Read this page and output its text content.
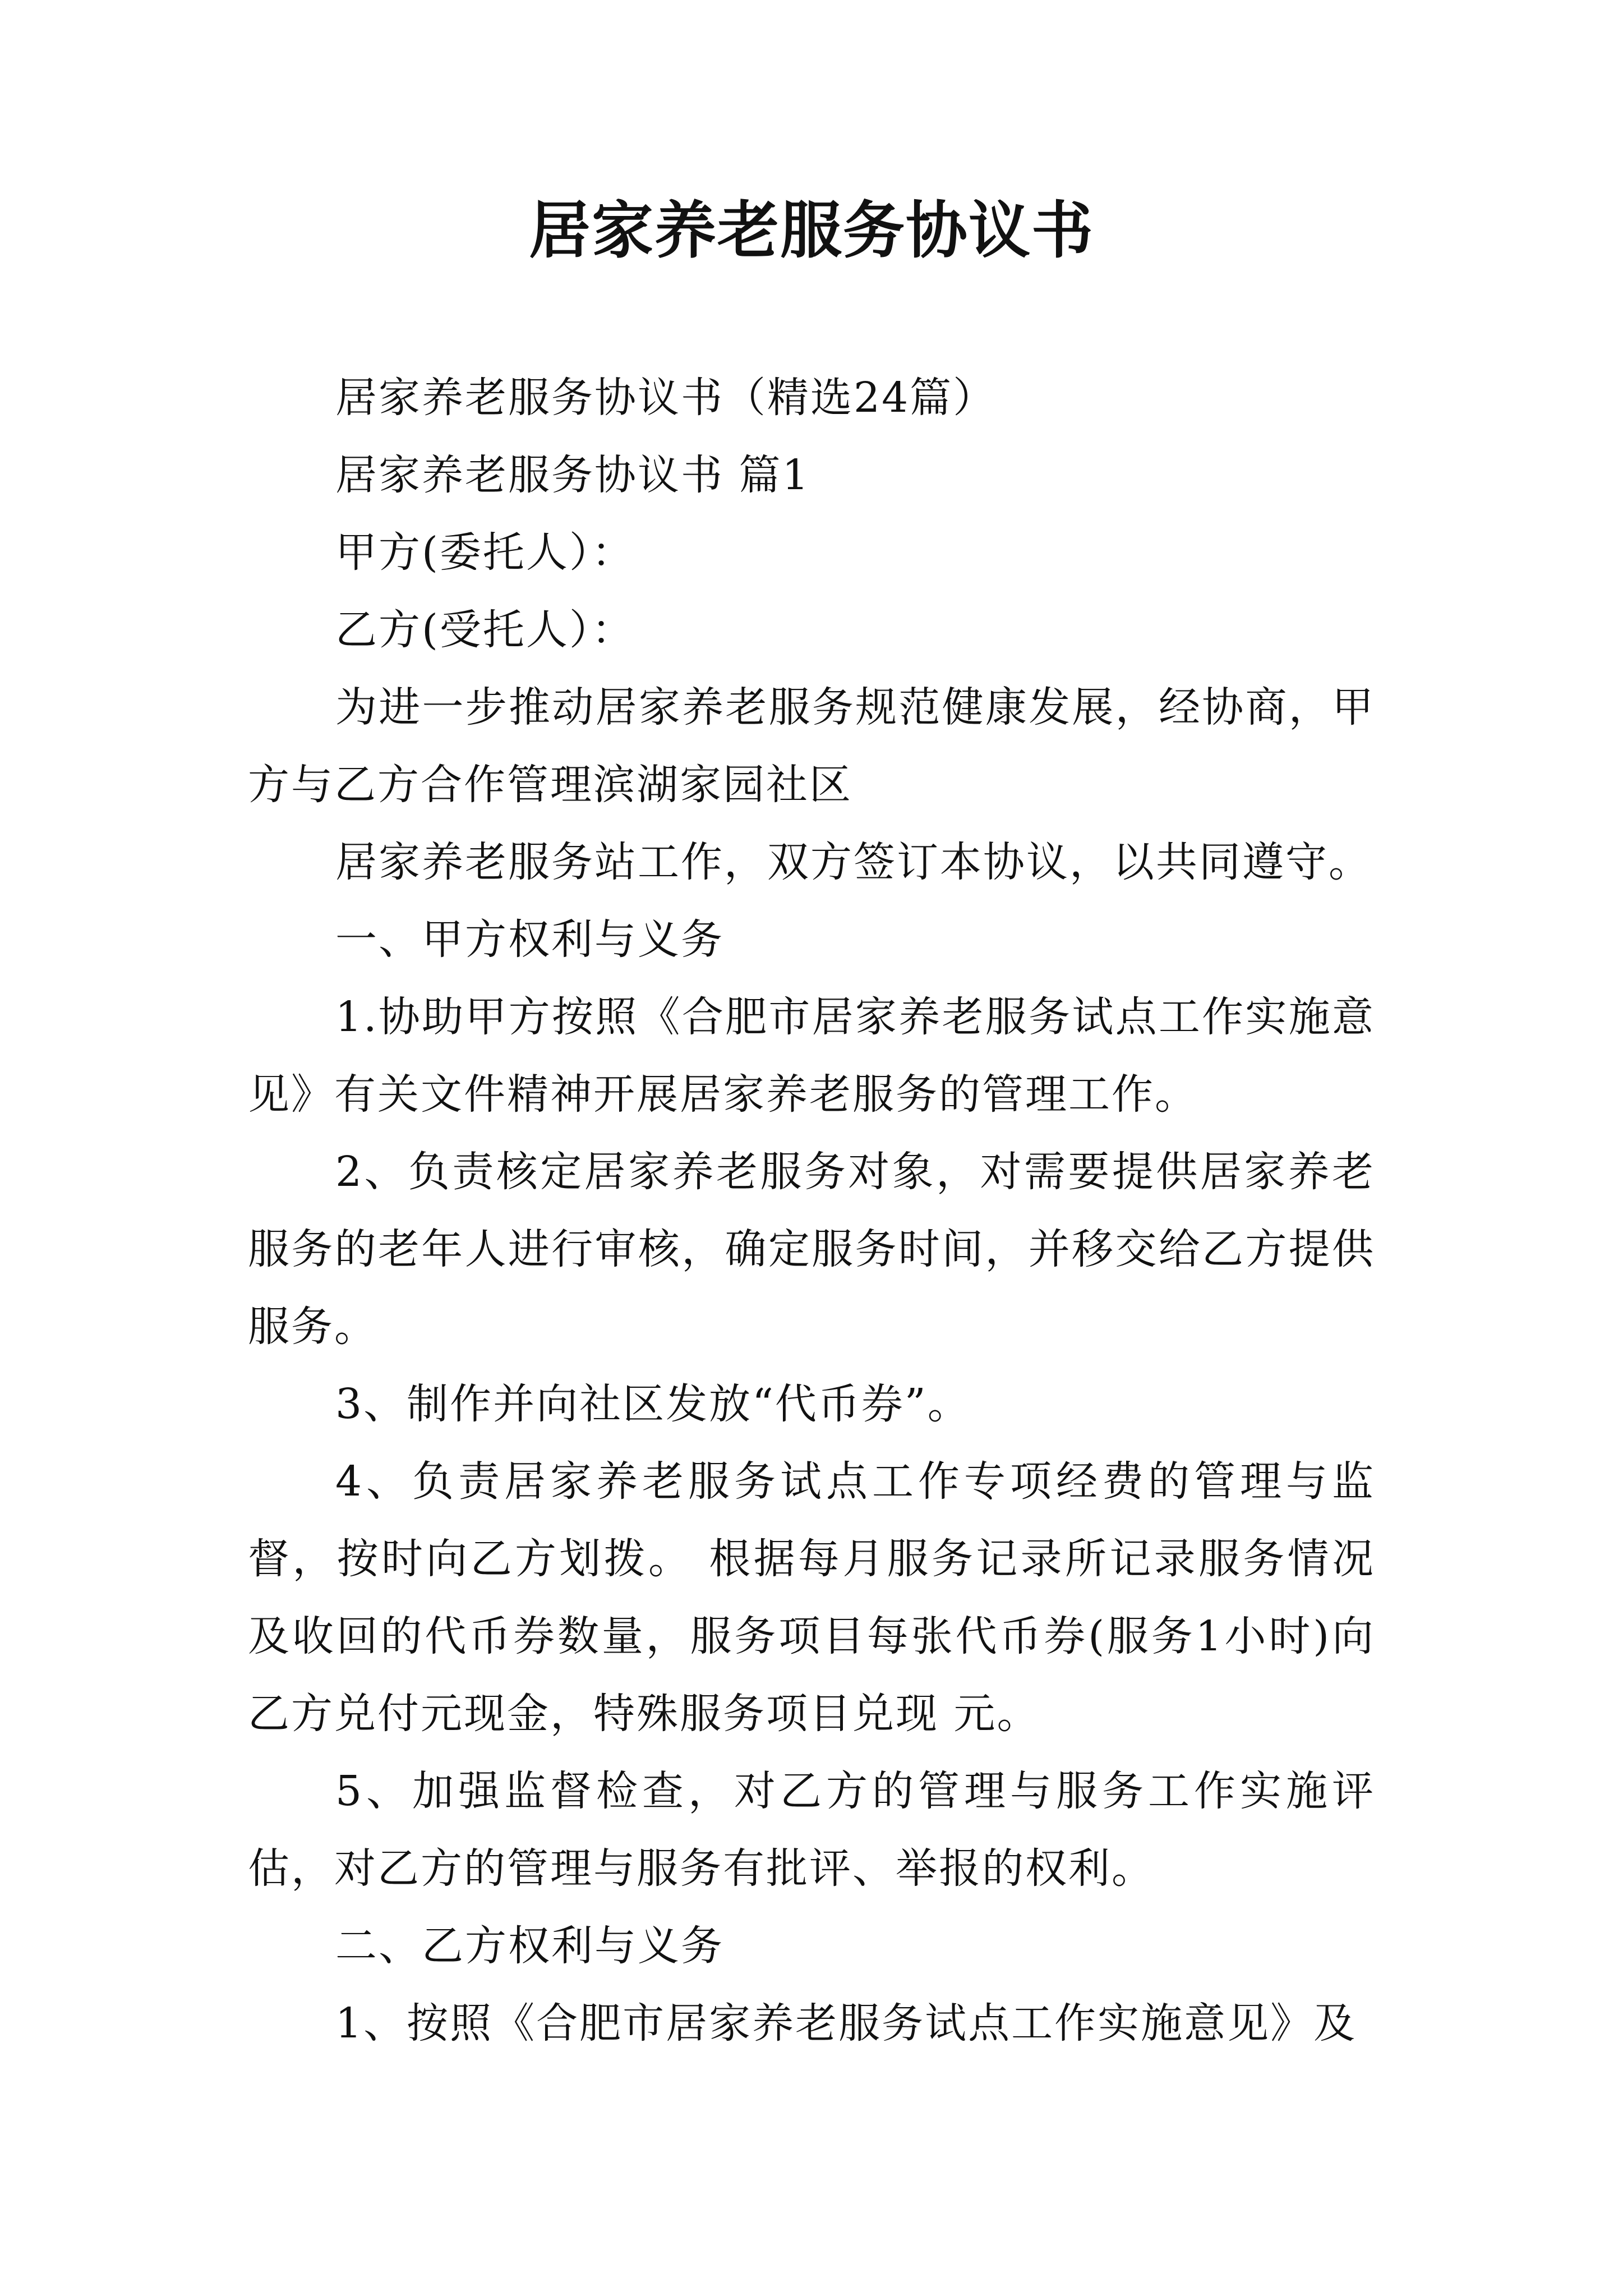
居家养老服务协议书

居家养老服务协议书（精选24篇）

居家养老服务协议书 篇1

甲方(委托人）：

乙方(受托人）：

为进一步推动居家养老服务规范健康发展，经协商，甲方与乙方合作管理滨湖家园社区

居家养老服务站工作，双方签订本协议，以共同遵守。

一、甲方权利与义务

1.协助甲方按照《合肥市居家养老服务试点工作实施意见》有关文件精神开展居家养老服务的管理工作。

2、负责核定居家养老服务对象，对需要提供居家养老服务的老年人进行审核，确定服务时间，并移交给乙方提供服务。

3、制作并向社区发放“代币券”。

4、负责居家养老服务试点工作专项经费的管理与监督，按时向乙方划拨。 根据每月服务记录所记录服务情况及收回的代币券数量，服务项目每张代币券(服务1小时)向乙方兑付元现金，特殊服务项目兑现 元。

5、加强监督检查，对乙方的管理与服务工作实施评估，对乙方的管理与服务有批评、举报的权利。

二、乙方权利与义务

1、按照《合肥市居家养老服务试点工作实施意见》及
